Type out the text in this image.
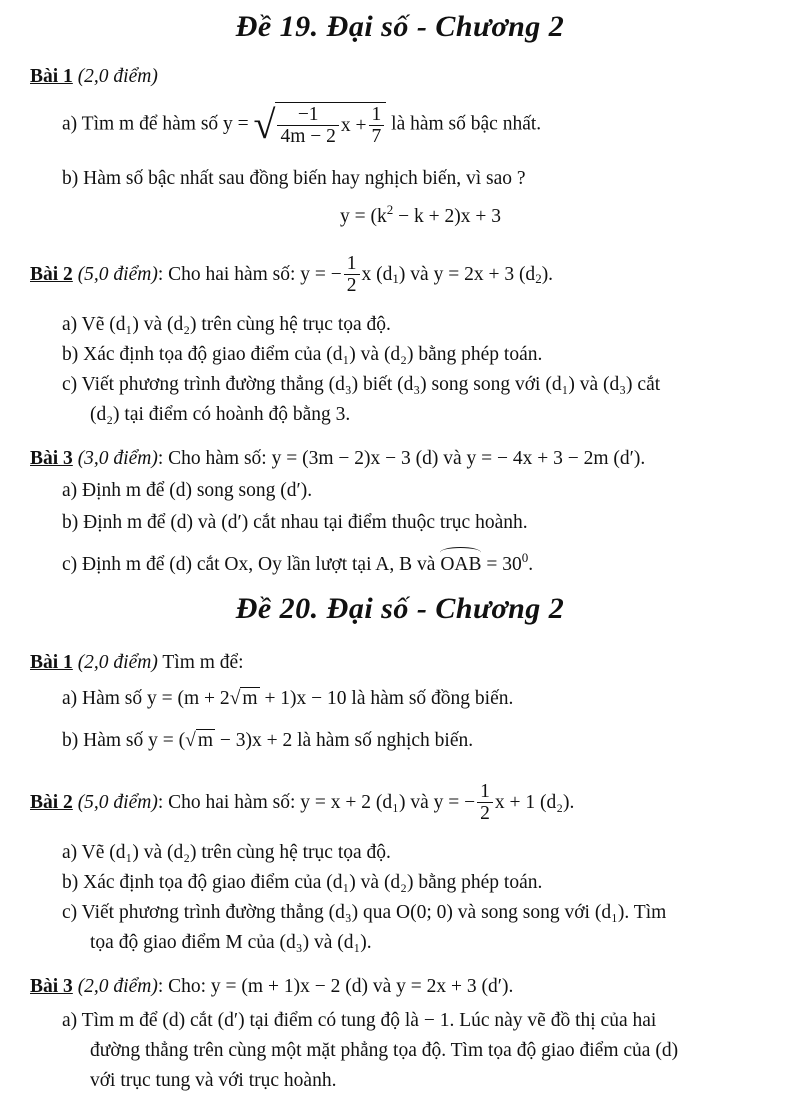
Đề 19. Đại số - Chương 2
Bài 1 (2,0 điểm)
a) Tìm m để hàm số y = √ $\frac{-1}{4m - 2}$ $x + \frac{1}{7}$ là hàm số bậc nhất.
b) Hàm số bậc nhất sau đồng biến hay nghịch biến, vì sao ?
$y = (k^2 - k + 2)x + 3$
Bài 2 (5,0 điểm): Cho hai hàm số: y = − $\frac{1}{2}$ x $(d_1)$ và y = 2x + 3 $(d_2)$.
a) Vẽ (d₁) và (d₂) trên cùng hệ trục tọa độ.
b) Xác định tọa độ giao điểm của (d₁) và (d₂) bằng phép toán.
c) Viết phương trình đường thẳng (d₃) biết (d₃) song song với (d₁) và (d₃) cắt
(d₂) tại điểm có hoành độ bằng 3.
Bài 3 (3,0 điểm): Cho hàm số: y = (3m − 2)x − 3 (d) và y = − 4x + 3 − 2m (d′).
a) Định m để (d) song song (d′).
b) Định m để (d) và (d′) cắt nhau tại điểm thuộc trục hoành.
c) Định m để (d) cắt Ox, Oy lần lượt tại A, B và OAB = $30^0$.
Đề 20. Đại số - Chương 2
Bài 1 (2,0 điểm) Tìm m để:
a) Hàm số y = (m + 2√ m + 1)x − 10 là hàm số đồng biến.
b) Hàm số y = (√ m − 3)x + 2 là hàm số nghịch biến.
Bài 2 (5,0 điểm): Cho hai hàm số: y = x + 2 (d₁) và y = − $\frac{1}{2}$ x + 1 (d₂).
a) Vẽ (d₁) và (d₂) trên cùng hệ trục tọa độ.
b) Xác định tọa độ giao điểm của (d₁) và (d₂) bằng phép toán.
c) Viết phương trình đường thẳng (d₃) qua O(0; 0) và song song với (d₁). Tìm
tọa độ giao điểm M của (d₃) và (d₁).
Bài 3 (2,0 điểm): Cho: y = (m + 1)x − 2 (d) và y = 2x + 3 (d′).
a) Tìm m để (d) cắt (d′) tại điểm có tung độ là − 1. Lúc này vẽ đồ thị của hai
đường thẳng trên cùng một mặt phẳng tọa độ. Tìm tọa độ giao điểm của (d)
với trục tung và với trục hoành.
